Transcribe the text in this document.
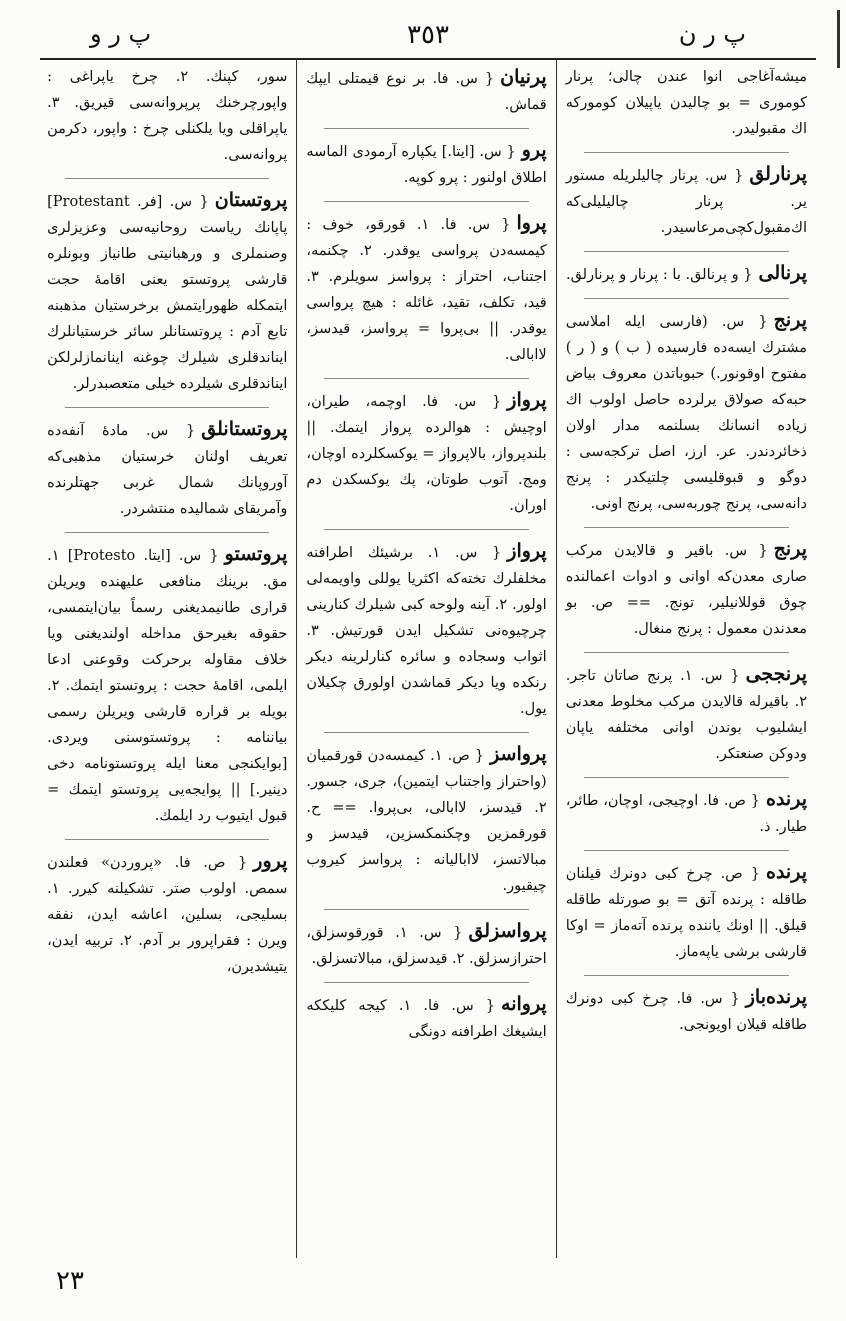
پ ر و	٣٥٣	پ ر ن
میشه‌آغاجی انوا عندن چالی؛ پرنار کوموری = بو چالیدن یاپیلان کوموركه اك مقبولیدر.
پرنارلق{ س. پرنار چالیلریله مستور یر. پرنار چالیلیلی‌كه اك‌مقبول‌كچی‌مرعاسیدر.
پرنالی{ و پرنالق. با : پرنار و پرنارلق.
پرنج{ س. (فارسی ایله املاسی مشترك ایسه‌ده فارسیده ( ب ) و ( ر ) مفتوح اوقونور.) حبوباتدن معروف بیاض حبه‌كه صولاق یرلرده حاصل اولوب اك زیاده انسانك بسلنمه مدار اولان ذخائردندر. عر. ارز، اصل تركجه‌سی : دوگو و قبوقلیسی چلتیكدر : پرنج دانه‌سی، پرنج چوربه‌سی، پرنج اونی.
پرنج{ س. باقیر و قالایدن مركب صاری معدن‌كه اوانی و ادوات اعمالنده چوق قوللانیلیر، تونج. == ص. بو معدندن معمول : پرنج منغال.
پرنججی{ س. ١. پرنج صاتان تاجر. ٢. باقیرله قالایدن مركب مخلوط معدنی ایشلیوب بوندن اوانی مختلفه یاپان ودوكن صنعتكر.
پرنده{ ص. فا. اوچیجی، اوچان، طائر، طیار. ذ.
پرنده{ ص. چرخ كبی دونرك قیلنان طاقله : پرنده آتق = بو صورتله طاقله قیلق. || اونك یاننده پرنده آته‌ماز = اوكا قارشی برشی یاپه‌ماز.
پرنده‌باز{ س. فا. چرخ كبی دونرك طاقله قیلان اویونجی.
پرنیان{ س. فا. بر نوع قیمتلی ایپك قماش.
پرو{ س. [ایتا.] یكپاره آرمودی الماسه اطلاق اولنور : پرو كوپه.
پروا{ س. فا. ١. قورقو، خوف : كیمسه‌دن پرواسی یوقدر. ٢. چكنمه، اجتناب، احتراز : پرواسز سویلرم. ٣. قید، تكلف، تقید، غائله : هیچ پرواسی یوقدر. || بی‌پروا = پرواسز، قیدسز، لاابالی.
پرواز{ س. فا. اوچمه، طیران، اوچیش : هوالرده پرواز ایتمك. || بلندپرواز، بالاپرواز = یوكسكلرده اوچان، ومج. آتوب طوتان، پك یوكسكدن دم اوران.
پرواز{ س. ١. برشیئك اطرافنه مخلفلرك تخته‌كه اكثریا یوللی واویمه‌لی اولور. ٢. آینه ولوحه كبی شیلرك كنارینی چرچیوه‌نی تشكیل ایدن قورتیش. ٣. اثواب وسجاده و سائره كنارلرینه دیكر رنكده ویا دیكر قماشدن اولورق چكیلان یول.
پرواسز{ ص. ١. كیمسه‌دن قورقمیان (واحتراز واجتناب ایتمین)، جری، جسور. ٢. قیدسز، لاابالی، بی‌پروا. == ح. قورقمزین وچكنمكسزین، قیدسز و مبالاتسز، لاابالیانه : پرواسز كیروب چیقیور.
پرواسزلق{ س. ١. قورقوسزلق، احترازسزلق. ٢. قیدسزلق، مبالاتسزلق.
پروانه{ س. فا. ١. كیجه كلیككه ایشیغك اطرافنه دونگی
سور، كپنك. ٢. چرخ یاپراغی : واپورچرخنك پرپروانه‌سی قیریق. ٣. یاپراقلی ویا یلكنلی چرخ : واپور، دكرمن پروانه‌سی.
پروتستان{ س. [فر. Protestant] پاپانك ریاست روحانیه‌سی وعزیزلری وصنملری و ورهبانیتی طانیاز وبونلره قارشی پروتستو یعنی اقامهٔ حجت ایتمكله ظهورایتمش برخرستیان مذهبنه تابع آدم : پروتستانلر سائر خرستیانلرك ایناندقلری شیلرك چوغنه اینانمازلرلكن ایناندقلری شیلرده خیلی متعصبدرلر.
پروتستانلق{ س. مادهٔ آنفه‌ده تعریف اولنان خرستیان مذهبی‌كه آوروپانك شمال غربی جهتلرنده وآمریقای شمالیده منتشردر.
پروتستو{ س. [ایتا. Protesto] ١. مق. برینك منافعی علیهنده ویریلن قراری طانیمدیغنی رسماً بیان‌ایتمسی، حقوقه بغیرحق مداخله اولندیغنی ویا خلاف مقاوله برحركت وقوعنی ادعا ایلمی، اقامهٔ حجت : پروتستو ایتمك. ٢. بویله بر قراره قارشی ویریلن رسمی بیاننامه : پروتستوسنی ویردی. [بوایكنجی معنا ایله پروتستونامه دخی دینیر.] || پوایجه‌یی پروتستو ایتمك = قبول ایتیوب رد ایلمك.
پرور{ ص. فا. «پروردن» فعلندن سمص. اولوب صتر. تشكیلنه كیرر. ١. بسلیجی، بسلین، اعاشه ایدن، نفقه ویرن : فقراپرور بر آدم. ٢. تربیه ایدن، یتیشدیرن،
٢٣
